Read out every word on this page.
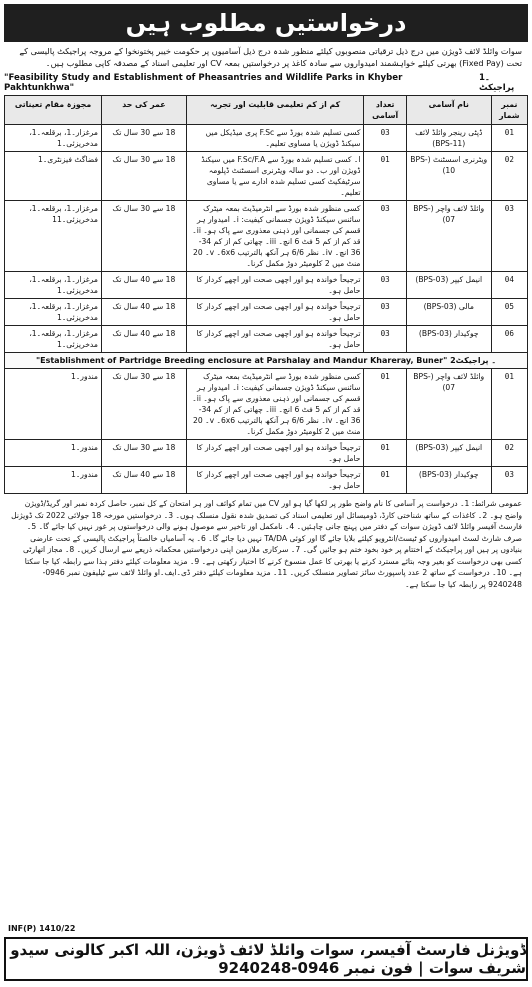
درخواستیں مطلوب ہیں
سوات وائلڈ لائف ڈویژن میں درج ذیل ترقیاتی منصوبوں کیلئے منظور شدہ درج ذیل آسامیوں پر حکومت خیبر پختونخوا کے مروجہ پراجیکٹ پالیسی کے تحت (Fixed Pay) بھرتی کیلئے خواہشمند امیدواروں سے سادہ کاغذ پر درخواستیں بمعہ CV اور تعلیمی اسناد کے مصدقہ کاپی مطلوب ہیں۔
"Feasibility Study and Establishment of Pheasantries and Wildlife Parks in Khyber Pakhtunkhwa"
1۔ پراجیکٹ
نمبر شمار	نام آسامی	تعداد آسامی	کم از کم تعلیمی قابلیت اور تجربہ	عمر کی حد	مجوزہ مقام تعیناتی
01	ڈپٹی رینجر وائلڈ لائف (BPS-11)	03	کسی تسلیم شدہ بورڈ سے F.Sc پری میڈیکل میں سیکنڈ ڈویژن یا مساوی تعلیم۔	18 سے 30 سال تک	مرغزار۔1، برقلعہ۔1، مدخریزئی۔1
02	ویٹرنری اسسٹنٹ (BPS-10)	01	ا۔ کسی تسلیم شدہ بورڈ سے F.Sc/F.A میں سیکنڈ ڈویژن اور ب۔ دو سالہ ویٹرنری اسسٹنٹ ڈپلومہ سرٹیفکیٹ کسی تسلیم شدہ ادارے سے یا مساوی تعلیم۔	18 سے 30 سال تک	فضاگٹ فیزنٹری۔1
03	وائلڈ لائف واچر (BPS-07)	03	کسی منظور شدہ بورڈ سے انٹرمیڈیٹ بمعہ میٹرک سائنس سیکنڈ ڈویژن جسمانی کیفیت: i۔ امیدوار ہر قسم کی جسمانی اور ذہنی معذوری سے پاک ہو۔ ii۔ قد کم از کم 5 فٹ 6 انچ۔ iii۔ چھاتی کم از کم 34-36 انچ۔ iv۔ نظر 6/6 ہر آنکھ بالترتیب 6x6۔ v۔ 20 منٹ میں 2 کلومیٹر دوڑ مکمل کرنا۔	18 سے 30 سال تک	مرغزار۔1، برقلعہ۔1، مدخریزئی۔11
04	انیمل کیپر (BPS-03)	03	ترجیحاً خواندہ ہو اور اچھی صحت اور اچھے کردار کا حامل ہو۔	18 سے 40 سال تک	مرغزار۔1، برقلعہ۔1، مدخریزئی۔1
05	مالی (BPS-03)	03	ترجیحاً خواندہ ہو اور اچھی صحت اور اچھے کردار کا حامل ہو۔	18 سے 40 سال تک	مرغزار۔1، برقلعہ۔1، مدخریزئی۔1
06	چوکیدار (BPS-03)	03	ترجیحاً خواندہ ہو اور اچھی صحت اور اچھے کردار کا حامل ہو۔	18 سے 40 سال تک	مرغزار۔1، برقلعہ۔1، مدخریزئی۔1
"Establishment of Partridge Breeding enclosure at Parshalay and Mandur Khareray, Buner" 2۔ پراجیکٹ					
01	وائلڈ لائف واچر (BPS-07)	01	کسی منظور شدہ بورڈ سے انٹرمیڈیٹ بمعہ میٹرک سائنس سیکنڈ ڈویژن جسمانی کیفیت: i۔ امیدوار ہر قسم کی جسمانی اور ذہنی معذوری سے پاک ہو۔ ii۔ قد کم از کم 5 فٹ 6 انچ۔ iii۔ چھاتی کم از کم 34-36 انچ۔ iv۔ نظر 6/6 ہر آنکھ بالترتیب 6x6۔ v۔ 20 منٹ میں 2 کلومیٹر دوڑ مکمل کرنا۔	18 سے 30 سال تک	مندور۔1
02	انیمل کیپر (BPS-03)	01	ترجیحاً خواندہ ہو اور اچھی صحت اور اچھے کردار کا حامل ہو۔	18 سے 30 سال تک	مندور۔1
03	چوکیدار (BPS-03)	01	ترجیحاً خواندہ ہو اور اچھی صحت اور اچھے کردار کا حامل ہو۔	18 سے 40 سال تک	مندور۔1
عمومی شرائط: 1۔ درخواست پر آسامی کا نام واضح طور پر لکھا گیا ہو اور CV میں تمام کوائف اور ہر امتحان کے کل نمبر، حاصل کردہ نمبر اور گریڈ/ڈویژن واضح ہو۔ 2۔ کاغذات کے ساتھ شناختی کارڈ، ڈومیسائل اور تعلیمی اسناد کی تصدیق شدہ نقول منسلک ہوں۔ 3۔ درخواستیں مورخہ 18 جولائی 2022 تک ڈویژنل فارسٹ آفیسر وائلڈ لائف ڈویژن سوات کے دفتر میں پہنچ جانی چاہئیں۔ 4۔ نامکمل اور تاخیر سے موصول ہونے والی درخواستوں پر غور نہیں کیا جائے گا۔ 5۔ صرف شارٹ لسٹ امیدواروں کو ٹیسٹ/انٹرویو کیلئے بلایا جائے گا اور کوئی TA/DA نہیں دیا جائے گا۔ 6۔ یہ آسامیاں خالصتاً پراجیکٹ پالیسی کے تحت عارضی بنیادوں پر ہیں اور پراجیکٹ کے اختتام پر خود بخود ختم ہو جائیں گی۔ 7۔ سرکاری ملازمین اپنی درخواستیں محکمانہ ذریعے سے ارسال کریں۔ 8۔ مجاز اتھارٹی کسی بھی درخواست کو بغیر وجہ بتائے مسترد کرنے یا بھرتی کا عمل منسوخ کرنے کا اختیار رکھتی ہے۔ 9۔ مزید معلومات کیلئے دفتر ہذا سے رابطہ کیا جا سکتا ہے۔ 10۔ درخواست کے ساتھ 2 عدد پاسپورٹ سائز تصاویر منسلک کریں۔ 11۔ مزید معلومات کیلئے دفتر ڈی۔ایف۔او وائلڈ لائف سے ٹیلیفون نمبر 0946-9240248 پر رابطہ کیا جا سکتا ہے۔
INF(P) 1410/22
ڈویژنل فارسٹ آفیسر، سوات وائلڈ لائف ڈویژن، اللہ اکبر کالونی سیدو شریف سوات | فون نمبر 0946-9240248
